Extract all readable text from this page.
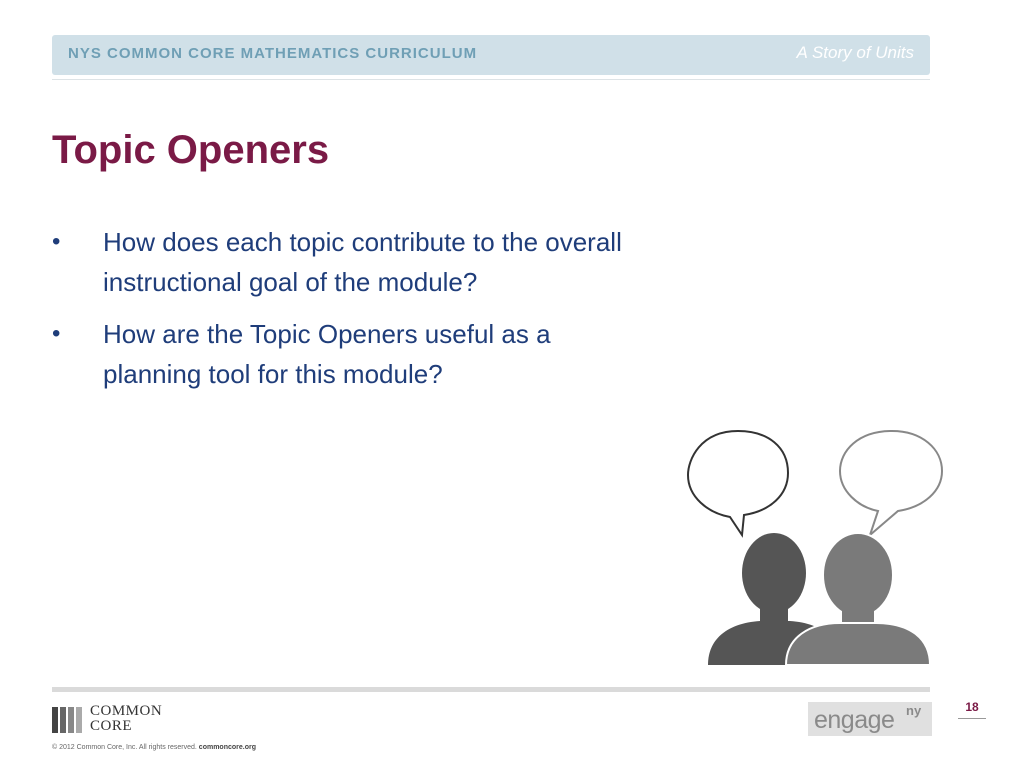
NYS COMMON CORE MATHEMATICS CURRICULUM	A Story of Units
Topic Openers
• How does each topic contribute to the overall instructional goal of the module?
• How are the Topic Openers useful as a planning tool for this module?
COMMON
CORE
© 2012 Common Core, Inc. All rights reserved. commoncore.org
engage ny	18
